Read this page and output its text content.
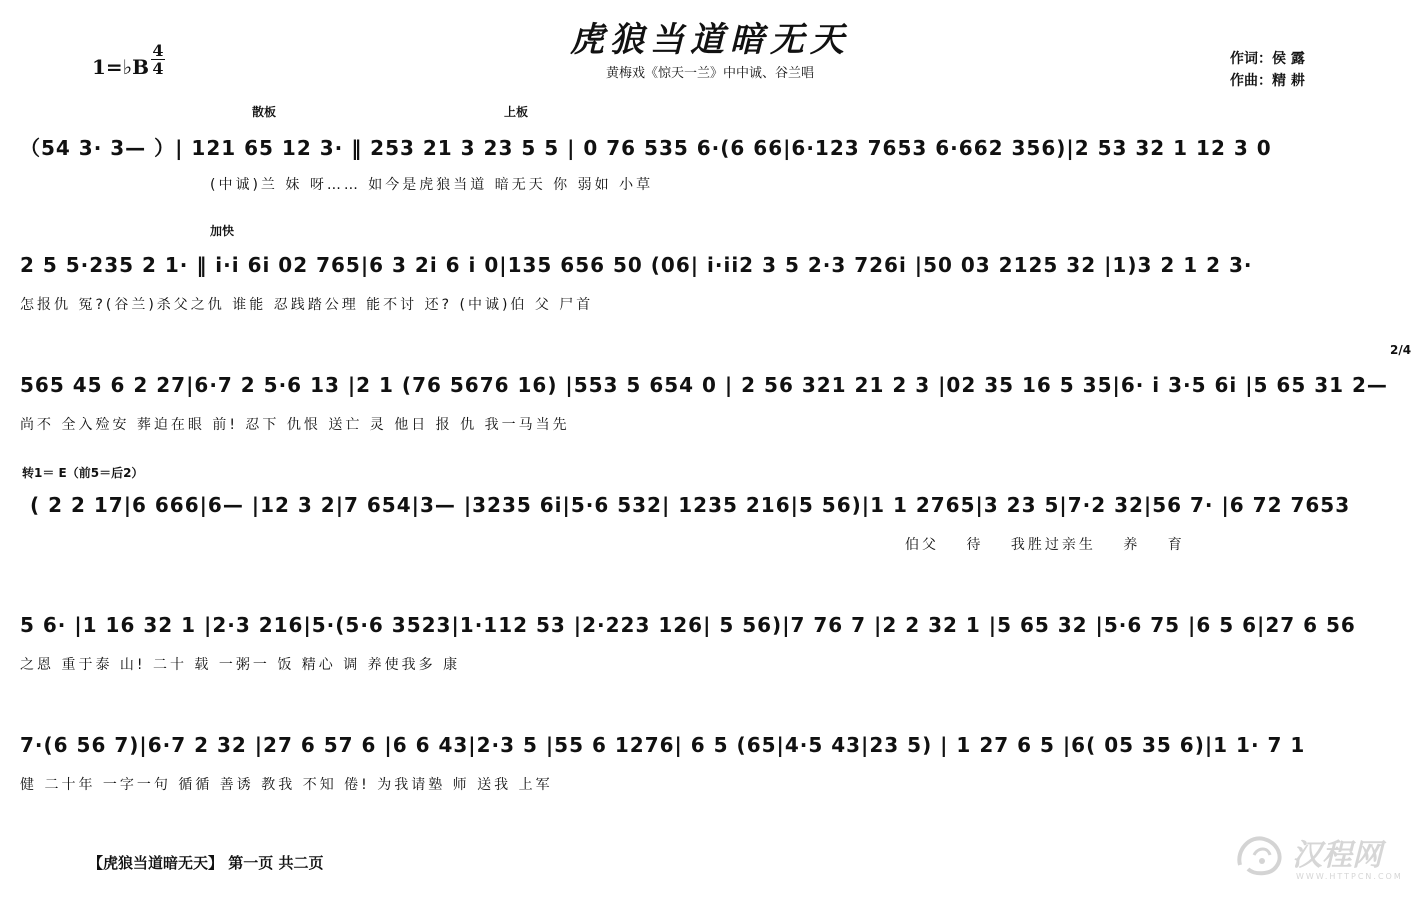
虎狼当道暗无天
黄梅戏《惊天一兰》中中诚、谷兰唱
作词：侯 露
作曲：精 耕
1=♭B
4
4
散板	上板
加快
2/4
转1＝ E（前5＝后2）
（54 3· 3— ）| 121 65 12 3· ‖ 253 21 3 23 5 5 | 0 76 535 6·(6 66|6·123 7653 6·662 356)|2 53 32 1 12 3 0
(中诚)兰 妹 呀…… 如今是虎狼当道 暗无天 你 弱如 小草
2 5 5·235 2 1· ‖ i·i 6i 02 765|6 3 2i 6 i 0|135 656 50 (06| i·ii2 3 5 2·3 726i |50 03 2125 32 |1)3 2 1 2 3·
怎报仇 冤?(谷兰)杀父之仇 谁能 忍践踏公理 能不讨 还? (中诚)伯 父 尸首
565 45 6 2 27|6·7 2 5·6 13 |2 1 (76 5676 16) |553 5 654 0 | 2 56 321 21 2 3 |02 35 16 5 35|6· i 3·5 6i |5 65 31 2—
尚不 全入殓安 葬迫在眼 前! 忍下 仇恨 送亡 灵 他日 报 仇 我一马当先
( 2 2 17|6 666|6— |12 3 2|7 654|3— |3235 6i|5·6 532| 1235 216|5 56)|1 1 2765|3 23 5|7·2 32|56 7· |6 72 7653
伯父 待 我胜过亲生 养 育
5 6· |1 16 32 1 |2·3 216|5·(5·6 3523|1·112 53 |2·223 126| 5 56)|7 76 7 |2 2 32 1 |5 65 32 |5·6 75 |6 5 6|27 6 56
之恩 重于泰 山! 二十 载 一粥一 饭 精心 调 养使我多 康
7·(6 56 7)|6·7 2 32 |27 6 57 6 |6 6 43|2·3 5 |55 6 1276| 6 5 (65|4·5 43|23 5) | 1 27 6 5 |6( 05 35 6)|1 1· 7 1
健 二十年 一字一句 循循 善诱 教我 不知 倦! 为我请塾 师 送我 上军
【虎狼当道暗无天】 第一页 共二页	汉程网
WWW.HTTPCN.COM
